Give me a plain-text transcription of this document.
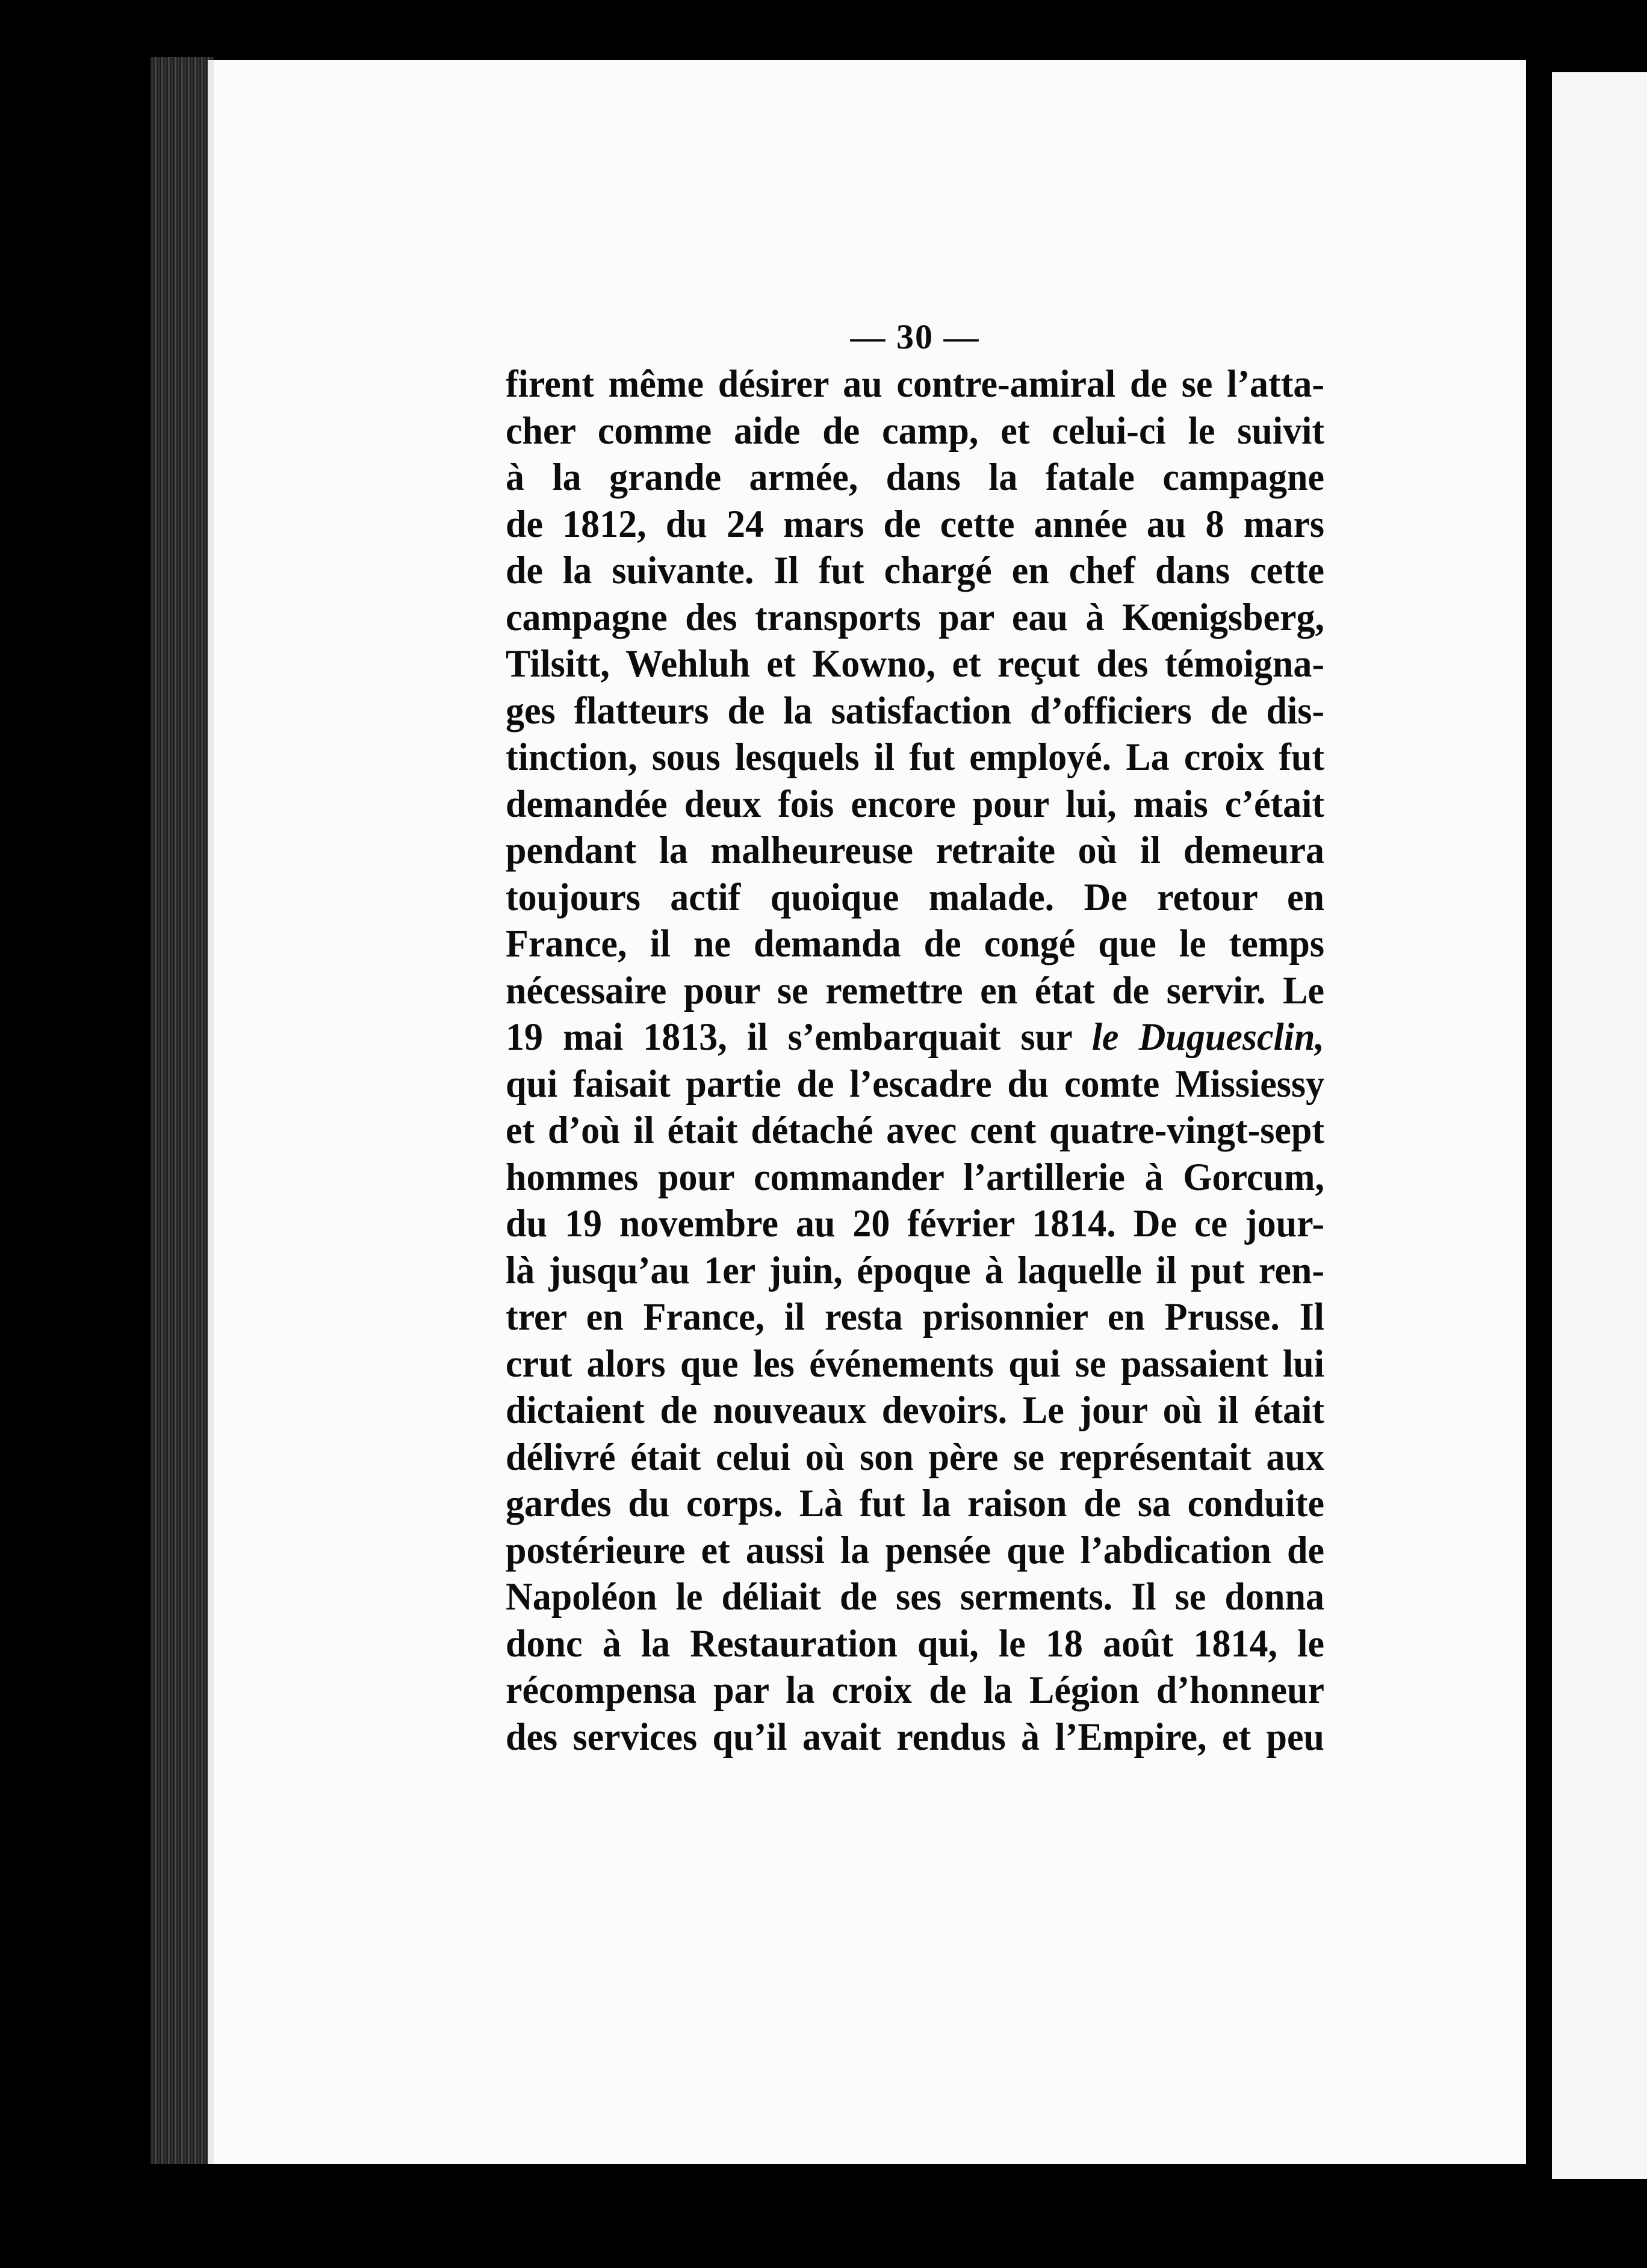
— 30 —
firent même désirer au contre-amiral de se l’atta-
cher comme aide de camp, et celui-ci le suivit
à la grande armée, dans la fatale campagne
de 1812, du 24 mars de cette année au 8 mars
de la suivante. Il fut chargé en chef dans cette
campagne des transports par eau à Kœnigsberg,
Tilsitt, Wehluh et Kowno, et reçut des témoigna-
ges flatteurs de la satisfaction d’officiers de dis-
tinction, sous lesquels il fut employé. La croix fut
demandée deux fois encore pour lui, mais c’était
pendant la malheureuse retraite où il demeura
toujours actif quoique malade. De retour en
France, il ne demanda de congé que le temps
nécessaire pour se remettre en état de servir. Le
19 mai 1813, il s’embarquait sur le Duguesclin,
qui faisait partie de l’escadre du comte Missiessy
et d’où il était détaché avec cent quatre-vingt-sept
hommes pour commander l’artillerie à Gorcum,
du 19 novembre au 20 février 1814. De ce jour-
là jusqu’au 1er juin, époque à laquelle il put ren-
trer en France, il resta prisonnier en Prusse. Il
crut alors que les événements qui se passaient lui
dictaient de nouveaux devoirs. Le jour où il était
délivré était celui où son père se représentait aux
gardes du corps. Là fut la raison de sa conduite
postérieure et aussi la pensée que l’abdication de
Napoléon le déliait de ses serments. Il se donna
donc à la Restauration qui, le 18 août 1814, le
récompensa par la croix de la Légion d’honneur
des services qu’il avait rendus à l’Empire, et peu
